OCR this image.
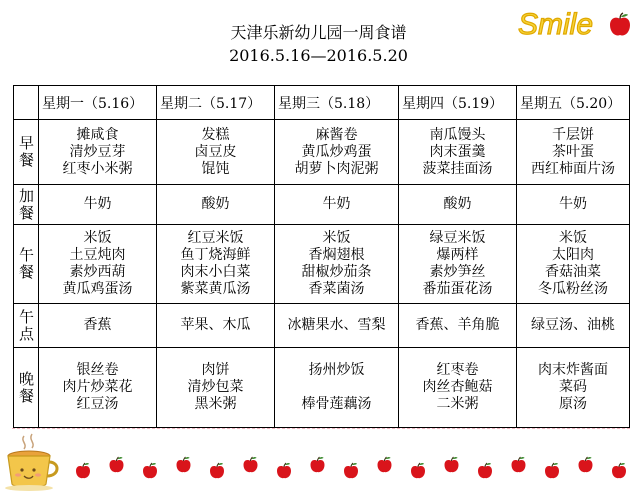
Smile
天津乐新幼儿园一周食谱
2016.5.16—2016.5.20
	星期一（5.16）	星期二（5.17）	星期三（5.18）	星期四（5.19）	星期五（5.20）

早
餐	摊咸食
清炒豆芽
红枣小米粥	发糕
卤豆皮
馄饨	麻酱卷
黄瓜炒鸡蛋
胡萝卜肉泥粥	南瓜馒头
肉末蛋羹
菠菜挂面汤	千层饼
茶叶蛋
西红柿面片汤

加
餐	牛奶	酸奶	牛奶	酸奶	牛奶

午
餐	米饭
土豆炖肉
素炒西葫
黄瓜鸡蛋汤	红豆米饭
鱼丁烧海鲜
肉末小白菜
紫菜黄瓜汤	米饭
香焖翅根
甜椒炒茄条
香菜菌汤	绿豆米饭
爆两样
素炒笋丝
番茄蛋花汤	米饭
太阳肉
香菇油菜
冬瓜粉丝汤

午
点	香蕉	苹果、木瓜	冰糖果水、雪梨	香蕉、羊角脆	绿豆汤、油桃

晚
餐	银丝卷
肉片炒菜花
红豆汤	肉饼
清炒包菜
黑米粥	扬州炒饭
棒骨莲藕汤	红枣卷
肉丝杏鲍菇
二米粥	肉末炸酱面
菜码
原汤
